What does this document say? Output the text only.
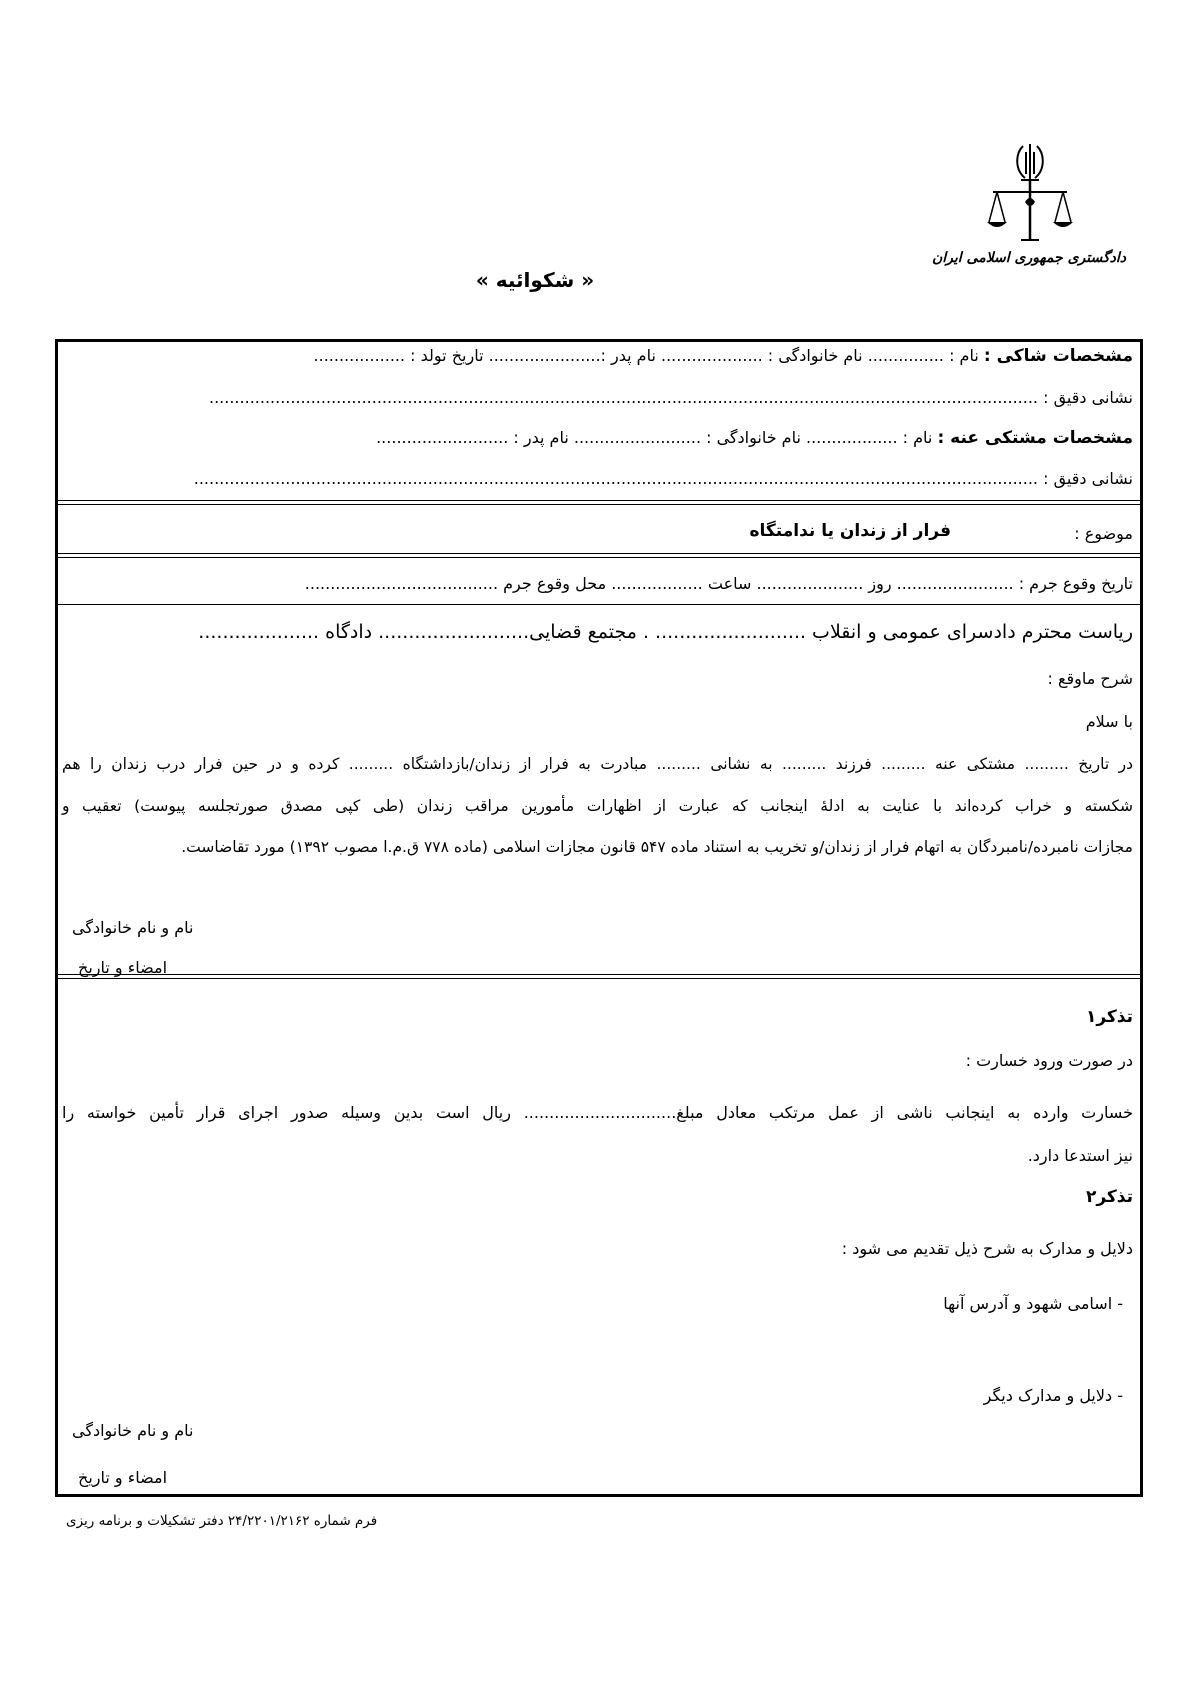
دادگستری جمهوری اسلامی ایران
« شکوائیه »
مشخصات شاکی : نام : ............... نام خانوادگی : .................... نام پدر :...................... تاریخ تولد : ..................
نشانی دقیق : ...................................................................................................................................................................
مشخصات مشتکی عنه : نام : .................. نام خانوادگی : ......................... نام پدر : ..........................
نشانی دقیق : ......................................................................................................................................................................
موضوع :
فرار از زندان یا ندامتگاه
تاریخ وقوع جرم : ....................... روز ..................... ساعت .................. محل وقوع جرم ......................................
ریاست محترم دادسرای عمومی و انقلاب ......................... . مجتمع قضایی......................... دادگاه ....................
شرح ماوقع :
با سلام
در تاریخ ......... مشتکی عنه ......... فرزند ......... به نشانی ......... مبادرت به فرار از زندان/بازداشتگاه ......... کرده و در حین فرار درب زندان را هم
شکسته و خراب کرده‌اند با عنایت به ادلهٔ اینجانب که عبارت از اظهارات مأمورین مراقب زندان (طی کپی مصدق صورتجلسه پیوست) تعقیب و
مجازات نامبرده/نامبردگان به اتهام فرار از زندان/و تخریب به استناد ماده ۵۴۷ قانون مجازات اسلامی (ماده ۷۷۸ ق.م.ا مصوب ۱۳۹۲) مورد تقاضاست.
نام و نام خانوادگی
امضاء و تاریخ
تذکر۱
در صورت ورود خسارت :
خسارت وارده به اینجانب ناشی از عمل مرتکب معادل مبلغ.............................. ریال است بدین وسیله صدور اجرای قرار تأمین خواسته را
نیز استدعا دارد.
تذکر۲
دلایل و مدارک به شرح ذیل تقدیم می شود :
- اسامی شهود و آدرس آنها
- دلایل و مدارک دیگر
نام و نام خانوادگی
امضاء و تاریخ
فرم شماره ۲۴/۲۲۰۱/۲۱۶۲ دفتر تشکیلات و برنامه ریزی
